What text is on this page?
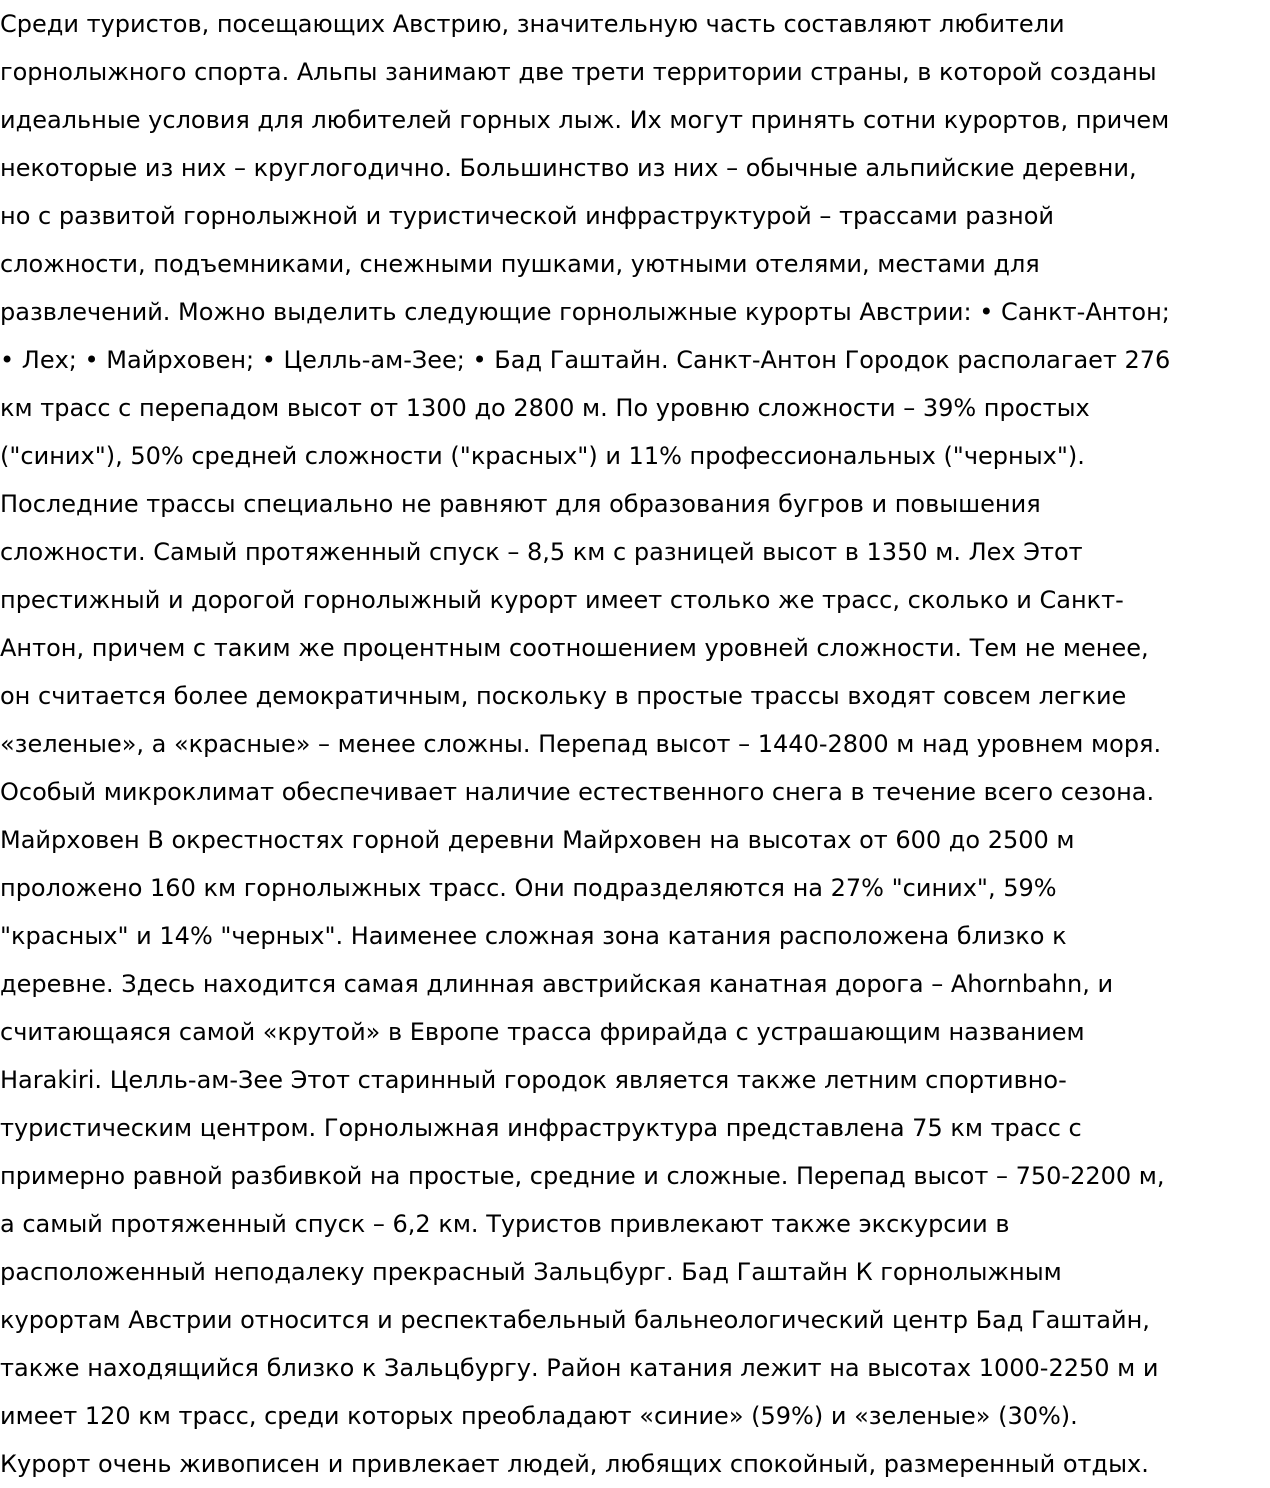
Среди туристов, посещающих Австрию, значительную часть составляют любители
горнолыжного спорта. Альпы занимают две трети территории страны, в которой созданы
идеальные условия для любителей горных лыж. Их могут принять сотни курортов, причем
некоторые из них – круглогодично. Большинство из них – обычные альпийские деревни,
но с развитой горнолыжной и туристической инфраструктурой – трассами разной
сложности, подъемниками, снежными пушками, уютными отелями, местами для
развлечений. Можно выделить следующие горнолыжные курорты Австрии: • Санкт-Антон;
• Лех; • Майрховен; • Целль-ам-Зее; • Бад Гаштайн. Санкт-Антон Городок располагает 276
км трасс с перепадом высот от 1300 до 2800 м. По уровню сложности – 39% простых
("синих"), 50% средней сложности ("красных") и 11% профессиональных ("черных").
Последние трассы специально не равняют для образования бугров и повышения
сложности. Самый протяженный спуск – 8,5 км с разницей высот в 1350 м. Лех Этот
престижный и дорогой горнолыжный курорт имеет столько же трасс, сколько и Санкт-
Антон, причем с таким же процентным соотношением уровней сложности. Тем не менее,
он считается более демократичным, поскольку в простые трассы входят совсем легкие
«зеленые», а «красные» – менее сложны. Перепад высот – 1440-2800 м над уровнем моря.
Особый микроклимат обеспечивает наличие естественного снега в течение всего сезона.
Майрховен В окрестностях горной деревни Майрховен на высотах от 600 до 2500 м
проложено 160 км горнолыжных трасс. Они подразделяются на 27% "синих", 59%
"красных" и 14% "черных". Наименее сложная зона катания расположена близко к
деревне. Здесь находится самая длинная австрийская канатная дорога – Ahornbahn, и
считающаяся самой «крутой» в Европе трасса фрирайда с устрашающим названием
Harakiri. Целль-ам-Зее Этот старинный городок является также летним спортивно-
туристическим центром. Горнолыжная инфраструктура представлена 75 км трасс с
примерно равной разбивкой на простые, средние и сложные. Перепад высот – 750-2200 м,
а самый протяженный спуск – 6,2 км. Туристов привлекают также экскурсии в
расположенный неподалеку прекрасный Зальцбург. Бад Гаштайн К горнолыжным
курортам Австрии относится и респектабельный бальнеологический центр Бад Гаштайн,
также находящийся близко к Зальцбургу. Район катания лежит на высотах 1000-2250 м и
имеет 120 км трасс, среди которых преобладают «синие» (59%) и «зеленые» (30%).
Курорт очень живописен и привлекает людей, любящих спокойный, размеренный отдых.
